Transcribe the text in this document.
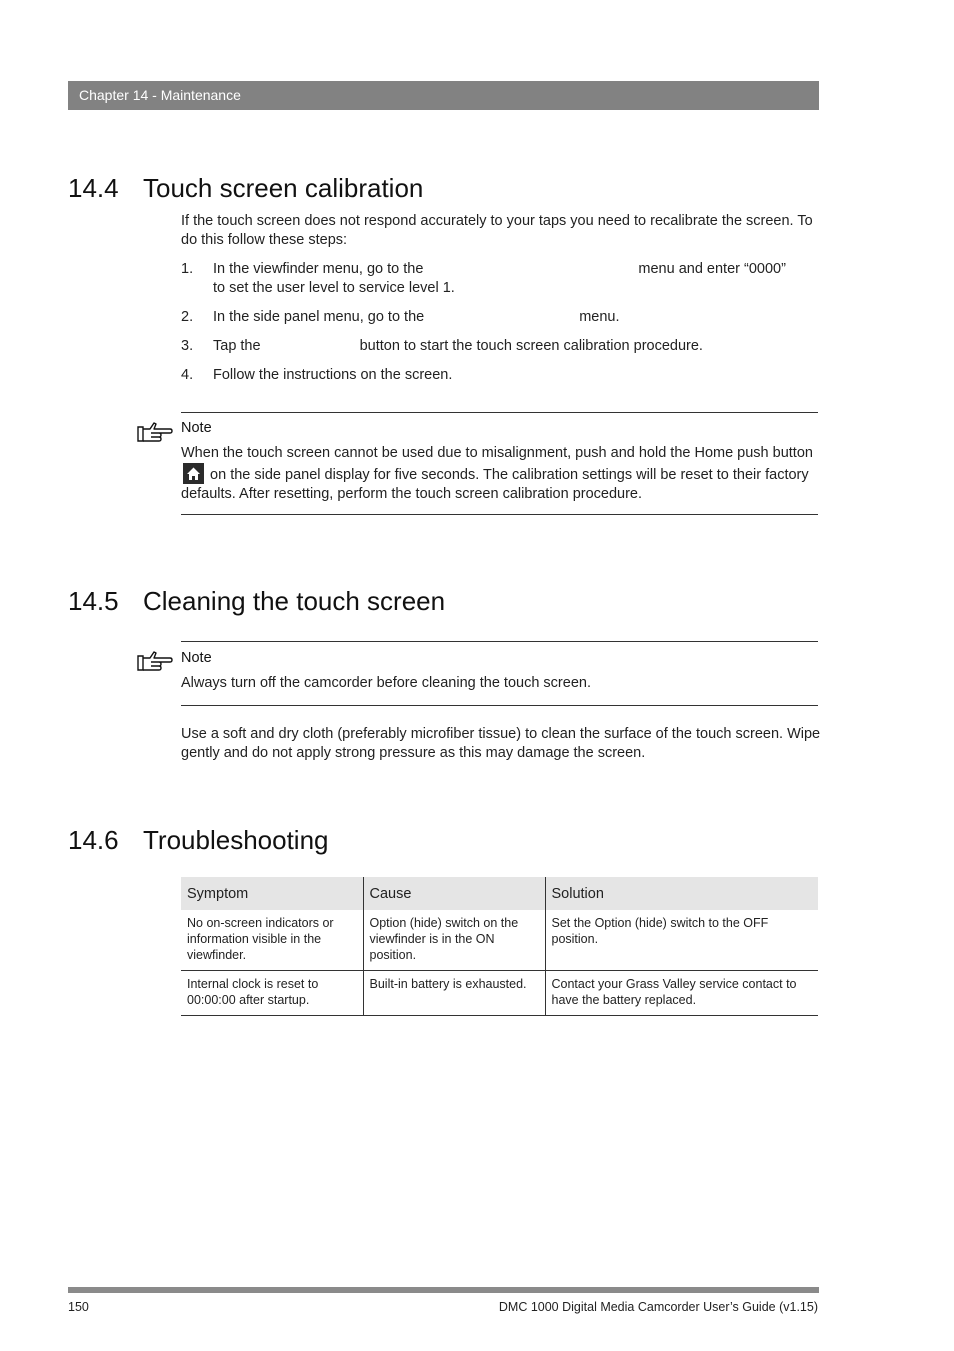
Chapter 14 - Maintenance
14.4 Touch screen calibration

If the touch screen does not respond accurately to your taps you need to recalibrate the screen. To do this follow these steps:

1. In the viewfinder menu, go to the	menu and enter “0000”
to set the user level to service level 1.
2. In the side panel menu, go to the	menu.
3. Tap the	button to start the touch screen calibration procedure.
4. Follow the instructions on the screen.
Note

When the touch screen cannot be used due to misalignment, push and hold the Home push button  on the side panel display for five seconds. The calibration settings will be reset to their factory defaults. After resetting, perform the touch screen calibration procedure.

14.5 Cleaning the touch screen
Note

Always turn off the camcorder before cleaning the touch screen.

Use a soft and dry cloth (preferably microfiber tissue) to clean the surface of the touch screen. Wipe gently and do not apply strong pressure as this may damage the screen.

14.6 Troubleshooting
Symptom	Cause	Solution
No on-screen indicators or information visible in the viewfinder.	Option (hide) switch on the viewfinder is in the ON position.	Set the Option (hide) switch to the OFF position.
Internal clock is reset to 00:00:00 after startup.	Built-in battery is exhausted.	Contact your Grass Valley service contact to have the battery replaced.
150	DMC 1000 Digital Media Camcorder User’s Guide (v1.15)
